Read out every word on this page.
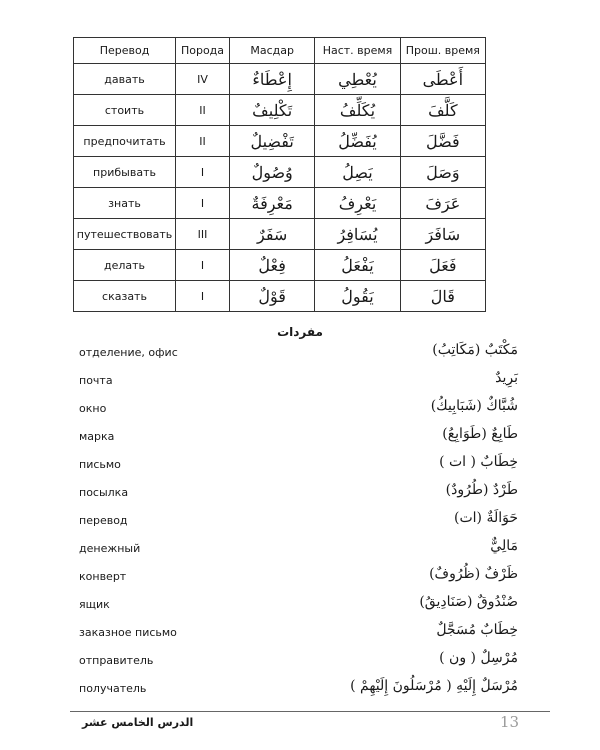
Перевод	Порода	Масдар	Наст. время	Прош. время
давать	IV	إِعْطَاءٌ	يُعْطِي	أَعْطَى
стоить	II	تَكْلِيفٌ	يُكَلِّفُ	كَلَّفَ
предпочитать	II	تَفْضِيلٌ	يُفَضِّلُ	فَضَّلَ
прибывать	I	وُصُولٌ	يَصِلُ	وَصَلَ
знать	I	مَعْرِفَةٌ	يَعْرِفُ	عَرَفَ
путешествовать	III	سَفَرٌ	يُسَافِرُ	سَافَرَ
делать	I	فِعْلٌ	يَفْعَلُ	فَعَلَ
сказать	I	قَوْلٌ	يَقُولُ	قَالَ
مفردات
отделение, офис	مَكْتَبٌ (مَكَاتِبُ)
почта	بَرِيدٌ
окно	شُبَّاكٌ (شَبَابِيكُ)
марка	طَابِعٌ (طَوَابِعُ)
письмо	خِطَابٌ ( ات )
посылка	طَرْدٌ (طُرُودٌ)
перевод	حَوَالَةٌ (ات)
денежный	مَالِيٌّ
конверт	ظَرْفٌ (ظُرُوفٌ)
ящик	صُنْدُوقٌ (صَنَادِيقُ)
заказное письмо	خِطَابٌ مُسَجَّلٌ
отправитель	مُرْسِلٌ ( ون )
получатель	مُرْسَلٌ إِلَيْهِ ( مُرْسَلُونَ إِلَيْهِمْ )
الدرس الخامس عشر	13
